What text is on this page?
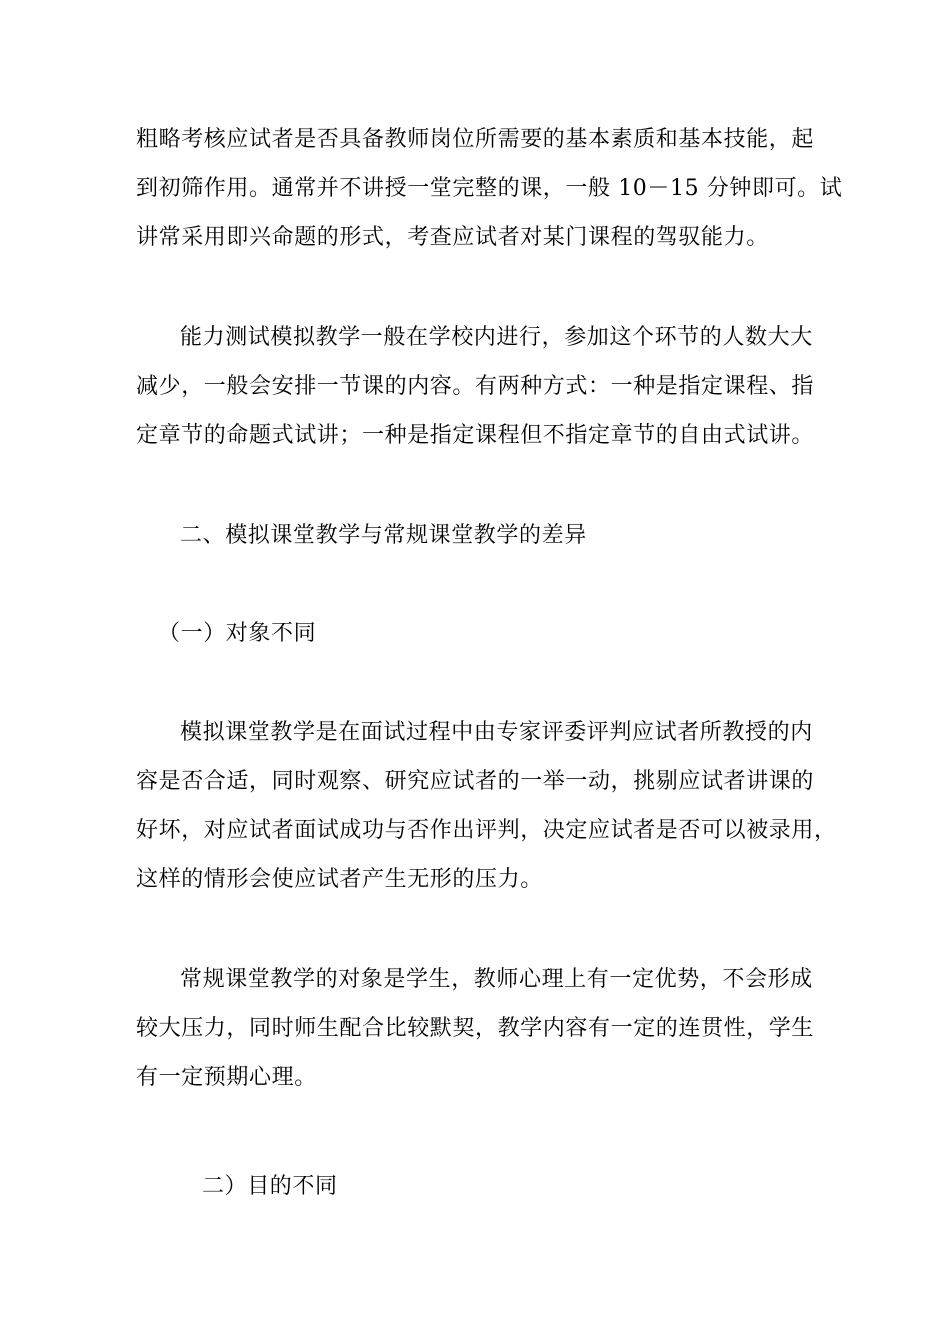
粗略考核应试者是否具备教师岗位所需要的基本素质和基本技能，起
到初筛作用。通常并不讲授一堂完整的课，一般 10－15 分钟即可。试
讲常采用即兴命题的形式，考查应试者对某门课程的驾驭能力。

能力测试模拟教学一般在学校内进行，参加这个环节的人数大大
减少，一般会安排一节课的内容。有两种方式：一种是指定课程、指
定章节的命题式试讲；一种是指定课程但不指定章节的自由式试讲。

二、模拟课堂教学与常规课堂教学的差异
（一）对象不同

模拟课堂教学是在面试过程中由专家评委评判应试者所教授的内
容是否合适，同时观察、研究应试者的一举一动，挑剔应试者讲课的
好坏，对应试者面试成功与否作出评判，决定应试者是否可以被录用，
这样的情形会使应试者产生无形的压力。

常规课堂教学的对象是学生，教师心理上有一定优势，不会形成
较大压力，同时师生配合比较默契，教学内容有一定的连贯性，学生
有一定预期心理。

二）目的不同
